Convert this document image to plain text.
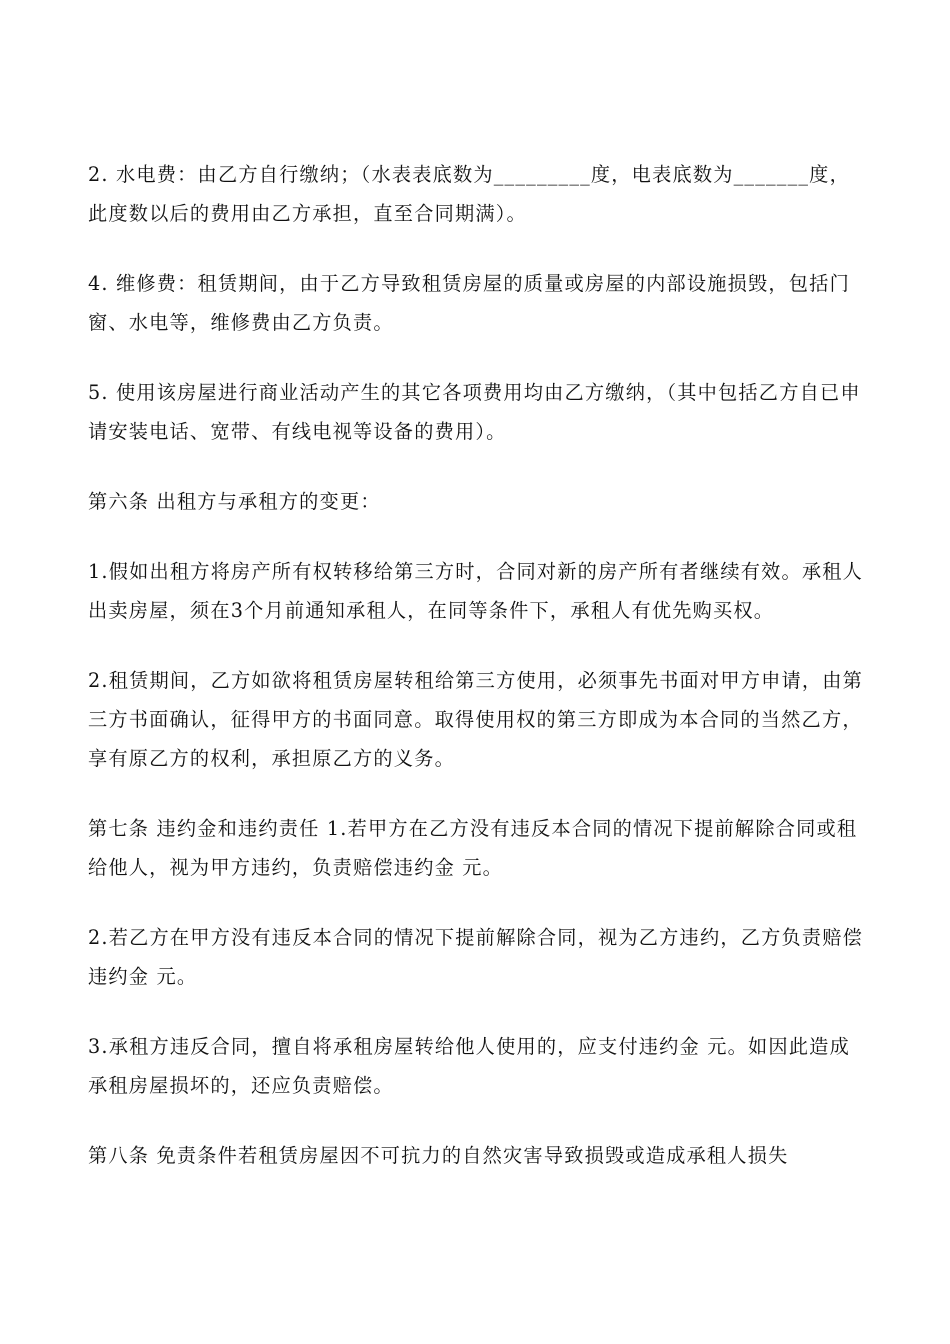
2. 水电费：由乙方自行缴纳；（水表表底数为_________度，电表底数为_______度，此度数以后的费用由乙方承担，直至合同期满）。

4. 维修费：租赁期间，由于乙方导致租赁房屋的质量或房屋的内部设施损毁，包括门窗、水电等，维修费由乙方负责。

5. 使用该房屋进行商业活动产生的其它各项费用均由乙方缴纳，（其中包括乙方自已申请安装电话、宽带、有线电视等设备的费用）。

第六条 出租方与承租方的变更：

1.假如出租方将房产所有权转移给第三方时，合同对新的房产所有者继续有效。承租人出卖房屋，须在3个月前通知承租人，在同等条件下，承租人有优先购买权。

2.租赁期间，乙方如欲将租赁房屋转租给第三方使用，必须事先书面对甲方申请，由第三方书面确认，征得甲方的书面同意。取得使用权的第三方即成为本合同的当然乙方，享有原乙方的权利，承担原乙方的义务。

第七条 违约金和违约责任 1.若甲方在乙方没有违反本合同的情况下提前解除合同或租给他人，视为甲方违约，负责赔偿违约金 元。

2.若乙方在甲方没有违反本合同的情况下提前解除合同，视为乙方违约，乙方负责赔偿违约金 元。

3.承租方违反合同，擅自将承租房屋转给他人使用的，应支付违约金 元。如因此造成承租房屋损坏的，还应负责赔偿。

第八条 免责条件若租赁房屋因不可抗力的自然灾害导致损毁或造成承租人损失
